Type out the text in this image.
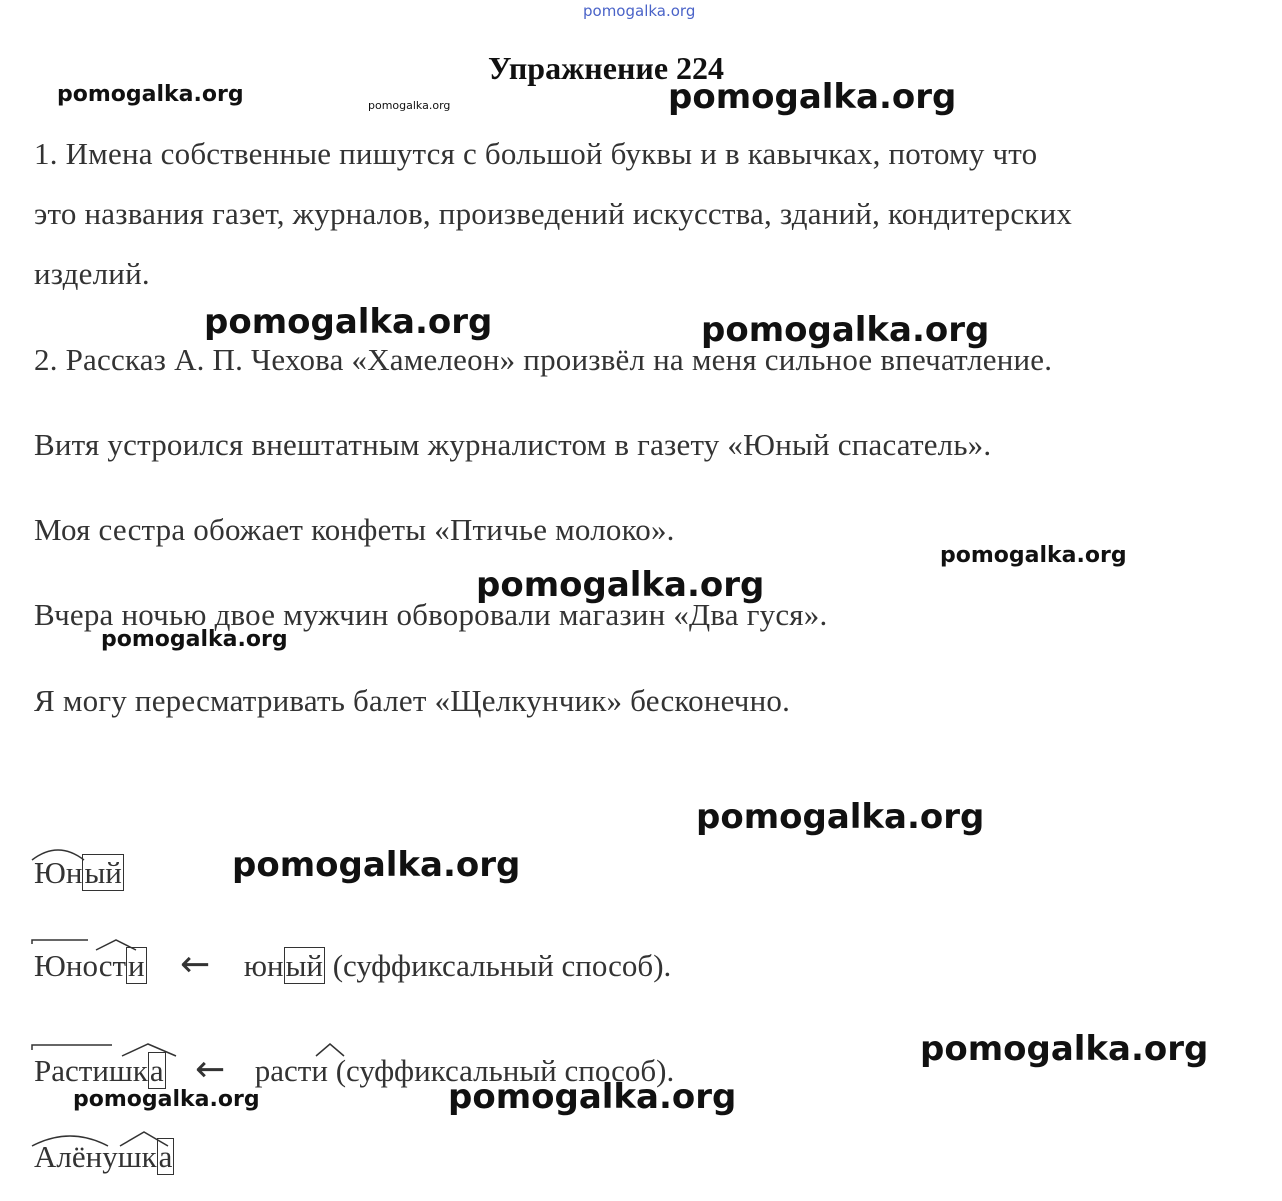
pomogalka.org
Упражнение 224
1. Имена собственные пишутся с большой буквы и в кавычках, потому что
это названия газет, журналов, произведений искусства, зданий, кондитерских
изделий.
2. Рассказ А. П. Чехова «Хамелеон» произвёл на меня сильное впечатление.
Витя устроился внештатным журналистом в газету «Юный спасатель».
Моя сестра обожает конфеты «Птичье молоко».
Вчера ночью двое мужчин обворовали магазин «Два гуся».
Я могу пересматривать балет «Щелкунчик» бесконечно.
Юный
Юности ← юный (суффиксальный способ).
Растишка ← расти (суффиксальный способ).
Алёнушка
pomogalka.org	pomogalka.org	pomogalka.org
pomogalka.org	pomogalka.org
pomogalka.org
pomogalka.org
pomogalka.org
pomogalka.org
pomogalka.org
pomogalka.org
pomogalka.org	pomogalka.org
